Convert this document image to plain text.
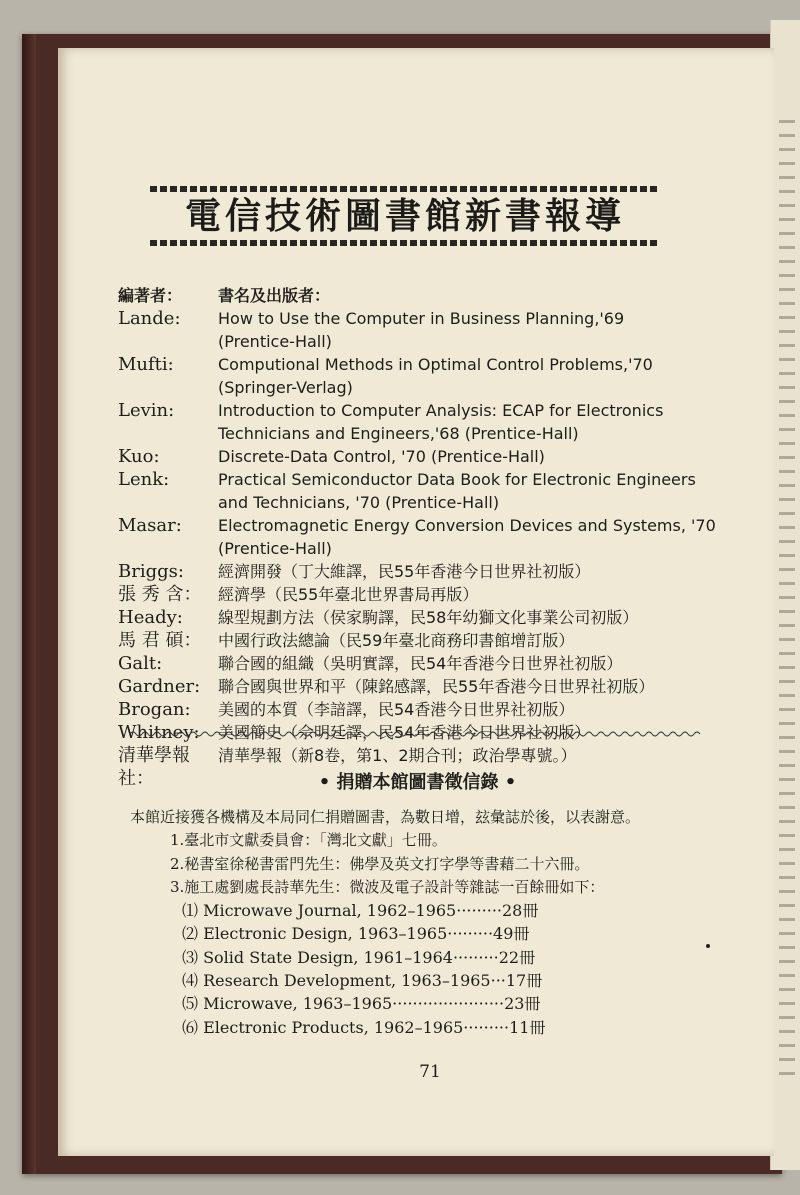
電信技術圖書館新書報導
編著者：	書名及出版者：
Lande:	How to Use the Computer in Business Planning,'69
(Prentice-Hall)
Mufti:	Computional Methods in Optimal Control Problems,'70
(Springer-Verlag)
Levin:	Introduction to Computer Analysis: ECAP for Electronics
Technicians and Engineers,'68 (Prentice-Hall)
Kuo:	Discrete-Data Control, '70 (Prentice-Hall)
Lenk:	Practical Semiconductor Data Book for Electronic Engineers
and Technicians, '70 (Prentice-Hall)
Masar:	Electromagnetic Energy Conversion Devices and Systems, '70
(Prentice-Hall)
Briggs:	經濟開發（丁大維譯，民55年香港今日世界社初版）
張 秀 含：	經濟學（民55年臺北世界書局再版）
Heady:	線型規劃方法（侯家駒譯，民58年幼獅文化事業公司初版）
馬 君 碩：	中國行政法總論（民59年臺北商務印書館增訂版）
Galt:	聯合國的組織（吳明實譯，民54年香港今日世界社初版）
Gardner:	聯合國與世界和平（陳銘感譯，民55年香港今日世界社初版）
Brogan:	美國的本質（李諳譯，民54香港今日世界社初版）
Whitney:	美國簡史（佘明廷譯，民54年香港今日世界社初版）
清華學報社：
清華學報（新8卷，第1、2期合刊；政治學專號。）
• 捐贈本館圖書徵信錄 •

本館近接獲各機構及本局同仁捐贈圖書，為數日增，玆彙誌於後，以表謝意。

1.臺北市文獻委員會：「灣北文獻」七冊。

2.秘書室徐秘書雷門先生：佛學及英文打字學等書藉二十六冊。

3.施工處劉處長詩華先生：微波及電子設計等雜誌一百餘冊如下：

⑴ Microwave Journal, 1962–1965·········28冊

⑵ Electronic Design, 1963–1965·········49冊

⑶ Solid State Design, 1961–1964·········22冊

⑷ Research Development, 1963–1965···17冊

⑸ Microwave, 1963–1965······················23冊

⑹ Electronic Products, 1962–1965·········11冊

71
